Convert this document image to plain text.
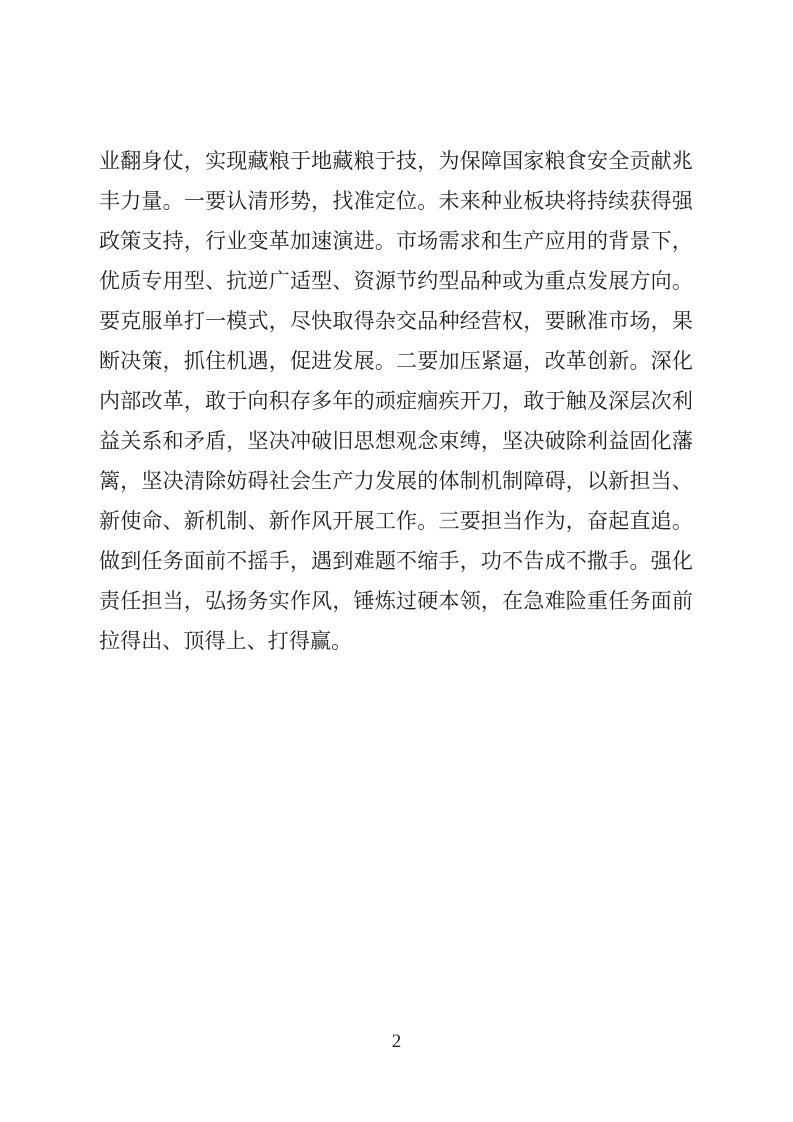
业翻身仗，实现藏粮于地藏粮于技，为保障国家粮食安全贡献兆
丰力量。一要认清形势，找准定位。未来种业板块将持续获得强
政策支持，行业变革加速演进。市场需求和生产应用的背景下，
优质专用型、抗逆广适型、资源节约型品种或为重点发展方向。
要克服单打一模式，尽快取得杂交品种经营权，要瞅准市场，果
断决策，抓住机遇，促进发展。二要加压紧逼，改革创新。深化
内部改革，敢于向积存多年的顽症痼疾开刀，敢于触及深层次利
益关系和矛盾，坚决冲破旧思想观念束缚，坚决破除利益固化藩
篱，坚决清除妨碍社会生产力发展的体制机制障碍，以新担当、
新使命、新机制、新作风开展工作。三要担当作为，奋起直追。
做到任务面前不摇手，遇到难题不缩手，功不告成不撒手。强化
责任担当，弘扬务实作风，锤炼过硬本领，在急难险重任务面前
拉得出、顶得上、打得赢。
2
